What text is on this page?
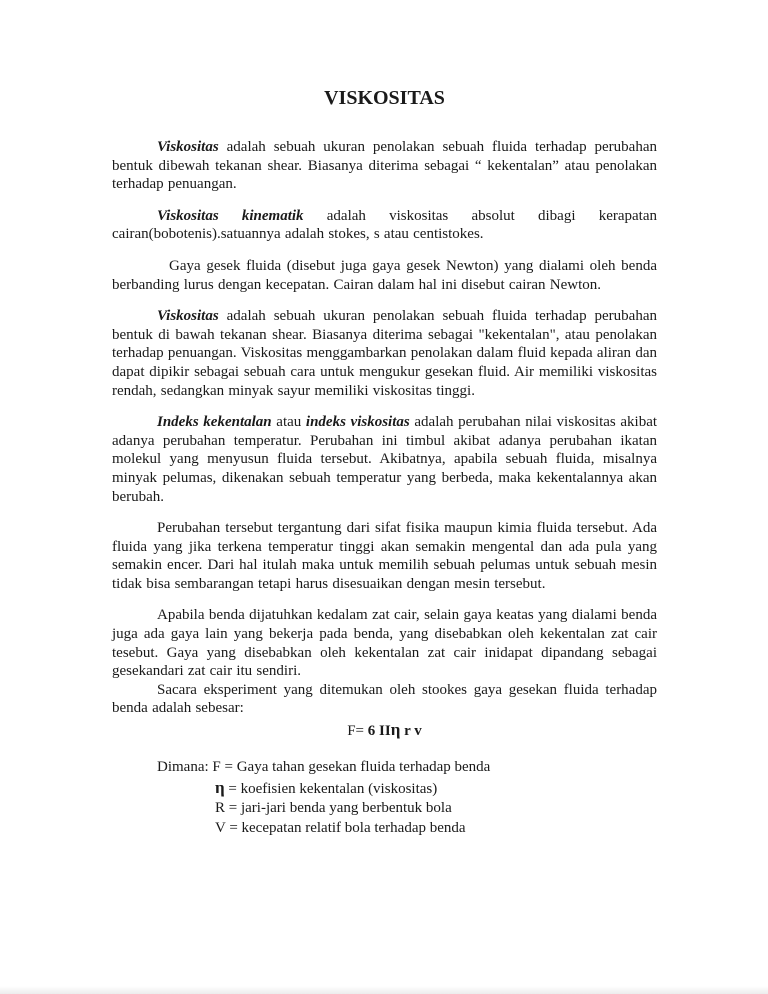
VISKOSITAS

Viskositas adalah sebuah ukuran penolakan sebuah fluida terhadap perubahan bentuk dibewah tekanan shear. Biasanya diterima sebagai “ kekentalan” atau penolakan terhadap penuangan.

Viskositas kinematik adalah viskositas absolut dibagi kerapatan cairan(bobotenis).satuannya adalah stokes, s atau centistokes.

Gaya gesek fluida (disebut juga gaya gesek Newton) yang dialami oleh benda berbanding lurus dengan kecepatan. Cairan dalam hal ini disebut cairan Newton.

Viskositas adalah sebuah ukuran penolakan sebuah fluida terhadap perubahan bentuk di bawah tekanan shear. Biasanya diterima sebagai "kekentalan", atau penolakan terhadap penuangan. Viskositas menggambarkan penolakan dalam fluid kepada aliran dan dapat dipikir sebagai sebuah cara untuk mengukur gesekan fluid. Air memiliki viskositas rendah, sedangkan minyak sayur memiliki viskositas tinggi.

Indeks kekentalan atau indeks viskositas adalah perubahan nilai viskositas akibat adanya perubahan temperatur. Perubahan ini timbul akibat adanya perubahan ikatan molekul yang menyusun fluida tersebut. Akibatnya, apabila sebuah fluida, misalnya minyak pelumas, dikenakan sebuah temperatur yang berbeda, maka kekentalannya akan berubah.

Perubahan tersebut tergantung dari sifat fisika maupun kimia fluida tersebut. Ada fluida yang jika terkena temperatur tinggi akan semakin mengental dan ada pula yang semakin encer. Dari hal itulah maka untuk memilih sebuah pelumas untuk sebuah mesin tidak bisa sembarangan tetapi harus disesuaikan dengan mesin tersebut.

Apabila benda dijatuhkan kedalam zat cair, selain gaya keatas yang dialami benda juga ada gaya lain yang bekerja pada benda, yang disebabkan oleh kekentalan zat cair tesebut. Gaya yang disebabkan oleh kekentalan zat cair inidapat dipandang sebagai gesekandari zat cair itu sendiri.

Sacara eksperiment yang ditemukan oleh stookes gaya gesekan fluida terhadap benda adalah sebesar:

F= 6 IIη r v
Dimana: F = Gaya tahan gesekan fluida terhadap benda
η = koefisien kekentalan (viskositas)
R = jari-jari benda yang berbentuk bola
V = kecepatan relatif bola terhadap benda
